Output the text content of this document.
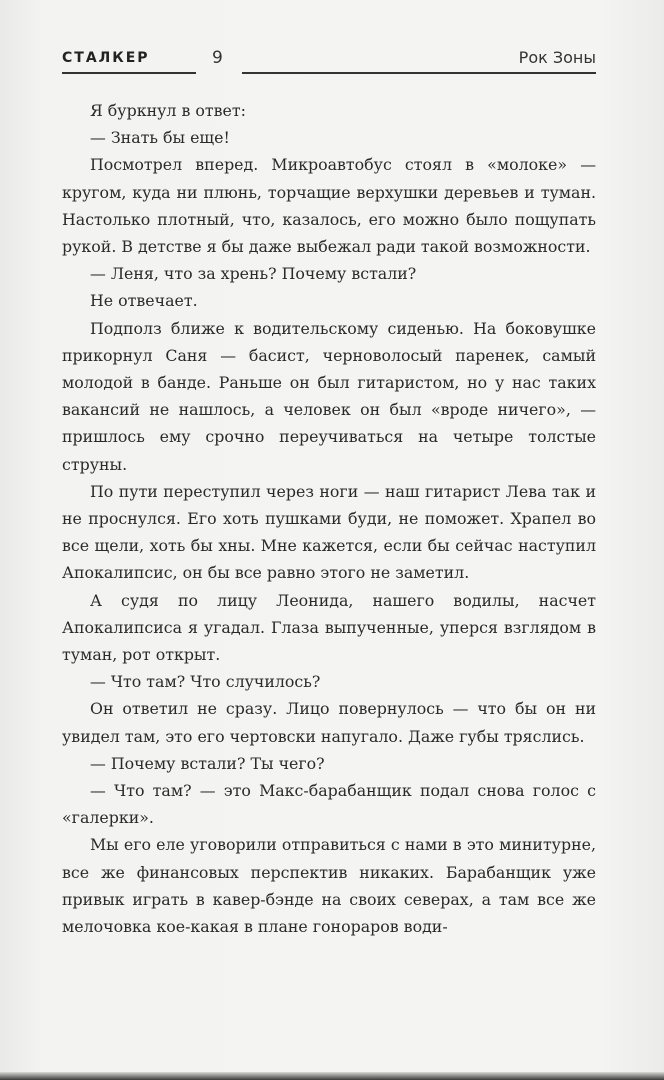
СТАЛКЕР	9	Рок Зоны

Я буркнул в ответ:

— Знать бы еще!

Посмотрел вперед. Микроавтобус стоял в «молоке» — кругом, куда ни плюнь, торчащие верхушки деревьев и туман. Настолько плотный, что, казалось, его можно было пощупать рукой. В детстве я бы даже выбежал ради такой возможности.

— Леня, что за хрень? Почему встали?

Не отвечает.

Подполз ближе к водительскому сиденью. На боковушке прикорнул Саня — басист, черноволосый паренек, самый молодой в банде. Раньше он был гитаристом, но у нас таких вакансий не нашлось, а человек он был «вроде ничего», — пришлось ему срочно переучиваться на четыре толстые струны.

По пути переступил через ноги — наш гитарист Лева так и не проснулся. Его хоть пушками буди, не поможет. Храпел во все щели, хоть бы хны. Мне кажется, если бы сейчас наступил Апокалипсис, он бы все равно этого не заметил.

А судя по лицу Леонида, нашего водилы, насчет Апокалипсиса я угадал. Глаза выпученные, уперся взглядом в туман, рот открыт.

— Что там? Что случилось?

Он ответил не сразу. Лицо повернулось — что бы он ни увидел там, это его чертовски напугало. Даже губы тряслись.

— Почему встали? Ты чего?

— Что там? — это Макс-барабанщик подал снова голос с «галерки».

Мы его еле уговорили отправиться с нами в это минитурне, все же финансовых перспектив никаких. Барабанщик уже привык играть в кавер-бэнде на своих северах, а там все же мелочовка кое-какая в плане гонораров води-
